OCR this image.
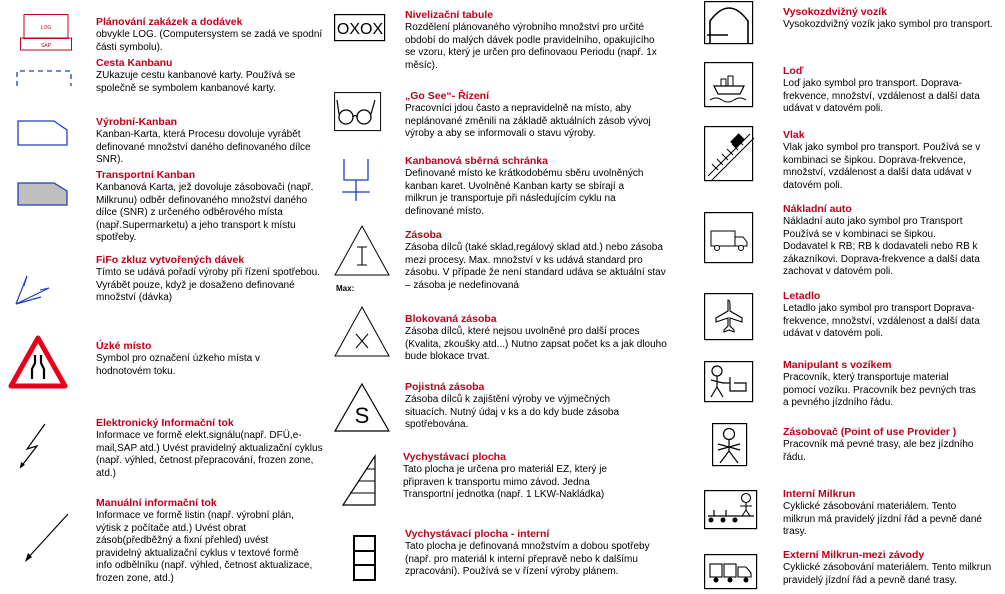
LOG
SAP
Plánování zakázek a dodávek
obvykle LOG. (Computersystem se zadá ve spodní části symbolu).
Cesta Kanbanu
ZUkazuje cestu kanbanové karty. Používá se společně se symbolem kanbanové karty.
Výrobní-Kanban
Kanban-Karta, která Procesu dovoluje vyrábět definované množství daného definovaného dílce SNR).
Transportní Kanban
Kanbanová Karta, jež dovoluje zásobovači (např. Milkrunu) odběr definovaného množství daného dílce (SNR) z určeného odběrového místa (např.Supermarketu) a jeho transport k místu spotřeby.
FiFo zkluz vytvořených dávek
Tímto se udává pořadí výroby při řízení spotřebou. Vyrábět pouze, když je dosaženo definované množství (dávka)
Úzké místo
Symbol pro označení úzkeho místa v hodnotovém toku.
Elektronický Informační tok
Informace ve formě elekt.signálu(např. DFÜ,e-mail,SAP atd.) Uvést pravidelný aktualizační cyklus (např. výhled, četnost přepracování, frozen zone, atd.)
Manuální informační tok
Informace ve formě listin (např. výrobní plán, výtisk z počítače atd.) Uvést obrat zásob(předběžný a fixní přehled) uvést pravidelný aktualizační cyklus v textové formě info odbělníku (např. výhled, četnost aktualizace, frozen zone, atd.)
OXOX
Max:
S
Nivelizační tabule
Rozdělení plánovaného výrobního množství pro určité období do malých dávek podle pravidelního, opakujícího se vzoru, který je určen pro definovaou Periodu (např. 1x měsíc).
„Go See“- Řízení
Pracovníci jdou často a nepravidelně na místo, aby neplánované změnili na základě aktuálních zásob vývoj výroby a aby se informovali o stavu výroby.
Kanbanová sběrná schránka
Definované místo ke krátkodobému sběru uvolněných kanban karet. Uvolněné Kanban karty se sbírají a milkrun je transportuje při následujícím cyklu na definované místo.
Zásoba
Zásoba dílců (také sklad,regálový sklad atd.) nebo zásoba mezi procesy. Max. množství v ks udává standard pro zásobu. V případe že není standard udáva se aktuální stav – zásoba je nedefinovaná
Blokovaná zásoba
Zásoba dílců, které nejsou uvolněné pro další proces (Kvalita, zkoušky atd...) Nutno zapsat počet ks a jak dlouho bude blokace trvat.
Pojistná zásoba
Zásoba dílců k zajištění výroby ve výjmečných situacích. Nutný údaj v ks a do kdy bude zásoba spotřebována.
Vychystávací plocha
Tato plocha je určena pro materiál EZ, který je připraven k transportu mimo závod. Jedna Transportní jednotka (např. 1 LKW-Nakládka)
Vychystávací plocha - interní
Tato plocha je definovaná množstvím a dobou spotřeby (např. pro materiál k interní přepravě nebo k dalšímu zpracování). Používá se v řízení výroby plánem.
Vysokozdvižný vozík
Vysokozdvižný vozík jako symbol pro transport.
Loď
Loď jako symbol pro transport. Doprava-frekvence, množství, vzdálenost a další data udávat v datovém poli.
Vlak
Vlak jako symbol pro transport. Používá se v kombinaci se šipkou. Doprava-frekvence, množství, vzdálenost a další data udávat v datovém poli.
Nákladní auto
Nákladní auto jako symbol pro Transport Používá se v kombinaci se šipkou. Dodavatel k RB; RB k dodavateli nebo RB k zákazníkovi. Doprava-frekvence a další data zachovat v datovém poli.
Letadlo
Letadlo jako symbol pro transport Doprava-frekvence, množství, vzdálenost a další data udávat v datovém poli.
Manipulant s vozíkem
Pracovník, který transportuje material pomocí vozíku. Pracovník bez pevných tras a pevného jízdního řádu.
Zásobovač (Point of use Provider )
Pracovník má pevné trasy, ale bez jízdního řádu.
Interní Milkrun
Cyklické zásobování materiálem. Tento milkrun má pravidelý jízdní řád a pevně dané trasy.
Externí Milkrun-mezi závody
Cyklické zásobování materiálem. Tento milkrun pravidelý jízdní řád a pevně dané trasy.
